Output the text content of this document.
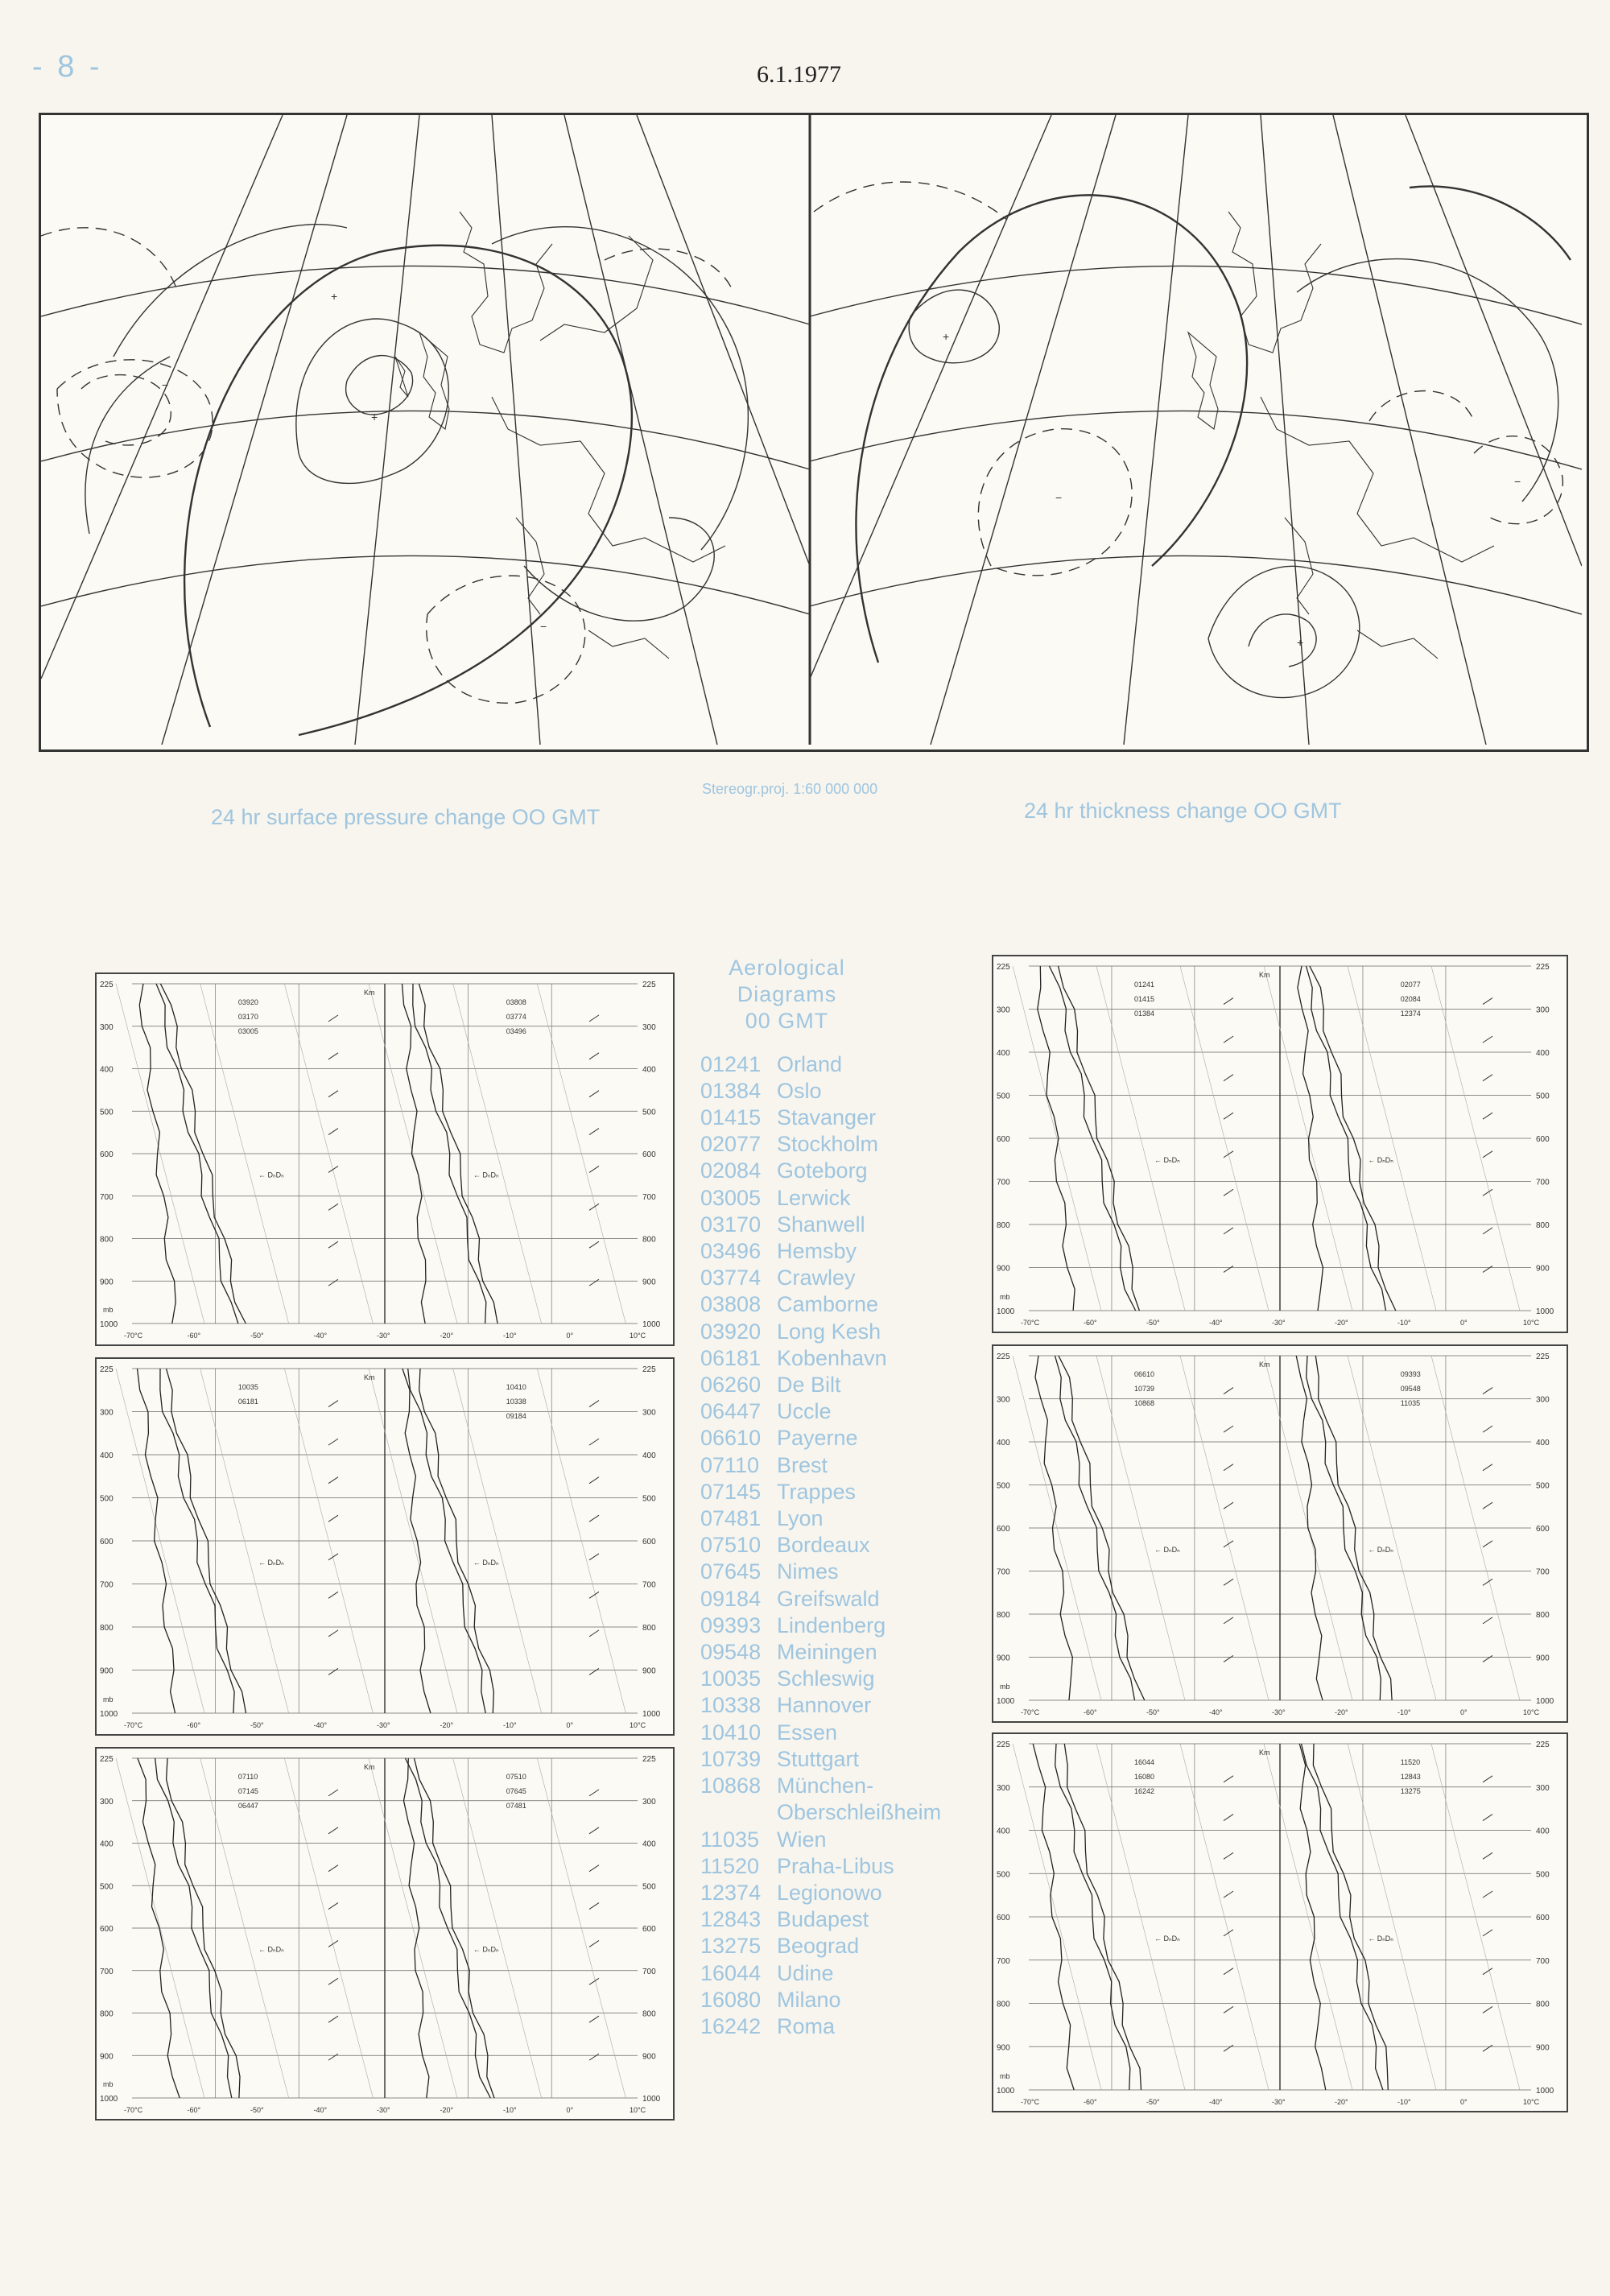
- 8 -	6.1.1977
+
+
−
−
+
−
+
−
Stereogr.proj. 1:60 000 000
24 hr surface pressure change OO GMT	24 hr thickness change OO GMT
Aerological
Diagrams
00 GMT
01241 Orland
01384 Oslo
01415 Stavanger
02077 Stockholm
02084 Goteborg
03005 Lerwick
03170 Shanwell
03496 Hemsby
03774 Crawley
03808 Camborne
03920 Long Kesh
06181 Kobenhavn
06260 De Bilt
06447 Uccle
06610 Payerne
07110 Brest
07145 Trappes
07481 Lyon
07510 Bordeaux
07645 Nimes
09184 Greifswald
09393 Lindenberg
09548 Meiningen
10035 Schleswig
10338 Hannover
10410 Essen
10739 Stuttgart
10868 München-
Oberschleißheim
11035 Wien
11520 Praha-Libus
12374 Legionowo
12843 Budapest
13275 Beograd
16044 Udine
16080 Milano
16242 Roma
225	225
300	300
400	400
500	500
600	600
700	700
800	800
900	900
1000	1000
-70°C	-60°	-50°	-40°	-30°	-20°	-10°	0°	10°C
03920
03170
03005
03808
03774
03496
← DₙDₙ	← DₙDₙ
Km
mb
225	225
300	300
400	400
500	500
600	600
700	700
800	800
900	900
1000	1000
-70°C	-60°	-50°	-40°	-30°	-20°	-10°	0°	10°C
10035
06181
10410
10338
09184
← DₙDₙ	← DₙDₙ
Km
mb
225	225
300	300
400	400
500	500
600	600
700	700
800	800
900	900
1000	1000
-70°C	-60°	-50°	-40°	-30°	-20°	-10°	0°	10°C
07110
07145
06447
07510
07645
07481
← DₙDₙ	← DₙDₙ
Km
mb
225	225
300	300
400	400
500	500
600	600
700	700
800	800
900	900
1000	1000
-70°C	-60°	-50°	-40°	-30°	-20°	-10°	0°	10°C
01241
01415
01384
02077
02084
12374
← DₙDₙ	← DₙDₙ
Km
mb
225	225
300	300
400	400
500	500
600	600
700	700
800	800
900	900
1000	1000
-70°C	-60°	-50°	-40°	-30°	-20°	-10°	0°	10°C
06610
10739
10868
09393
09548
11035
← DₙDₙ	← DₙDₙ
Km
mb
225	225
300	300
400	400
500	500
600	600
700	700
800	800
900	900
1000	1000
-70°C	-60°	-50°	-40°	-30°	-20°	-10°	0°	10°C
16044
16080
16242
11520
12843
13275
← DₙDₙ	← DₙDₙ
Km
mb
